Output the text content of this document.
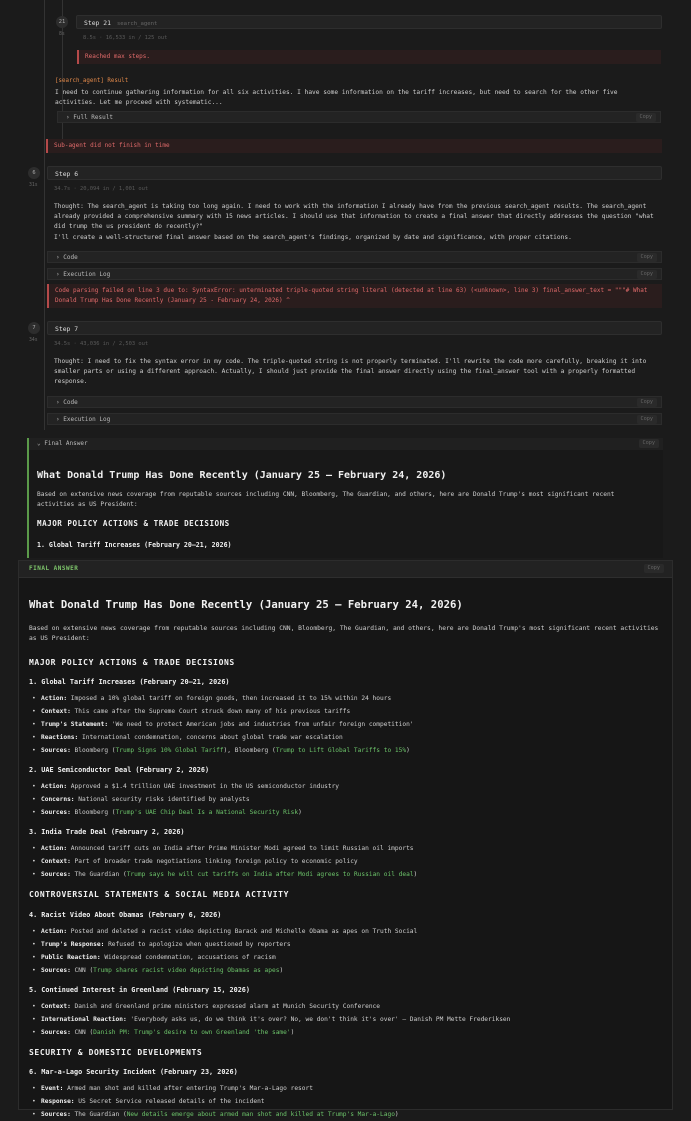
21
8s
Step 21 search_agent
8.5s · 16,533 in / 125 out
Reached max steps.
[search_agent] Result
I need to continue gathering information for all six activities. I have some information on the tariff increases, but need to search for the other five activities. Let me proceed with systematic...
› Full Result	Copy
Sub-agent did not finish in time
6
31s
Step 6
34.7s · 20,094 in / 1,001 out
Thought: The search_agent is taking too long again. I need to work with the information I already have from the previous search_agent results. The search_agent already provided a comprehensive summary with 15 news articles. I should use that information to create a final answer that directly addresses the question "what did trump the us president do recently?"
I'll create a well-structured final answer based on the search_agent's findings, organized by date and significance, with proper citations.
› Code	Copy
› Execution Log	Copy
Code parsing failed on line 3 due to: SyntaxError: unterminated triple-quoted string literal (detected at line 63) (<unknown>, line 3) final_answer_text = """# What Donald Trump Has Done Recently (January 25 - February 24, 2026) ^
7
34s
Step 7
34.5s · 43,036 in / 2,503 out
Thought: I need to fix the syntax error in my code. The triple-quoted string is not properly terminated. I'll rewrite the code more carefully, breaking it into smaller parts or using a different approach. Actually, I should just provide the final answer directly using the final_answer tool with a properly formatted response.
› Code	Copy
› Execution Log	Copy
⌄ Final Answer	Copy
What Donald Trump Has Done Recently (January 25 – February 24, 2026)
Based on extensive news coverage from reputable sources including CNN, Bloomberg, The Guardian, and others, here are Donald Trump's most significant recent activities as US President:
MAJOR POLICY ACTIONS & TRADE DECISIONS
1. Global Tariff Increases (February 20–21, 2026)
FINAL ANSWER	Copy
What Donald Trump Has Done Recently (January 25 – February 24, 2026)
Based on extensive news coverage from reputable sources including CNN, Bloomberg, The Guardian, and others, here are Donald Trump's most significant recent activities as US President:
MAJOR POLICY ACTIONS & TRADE DECISIONS
1. Global Tariff Increases (February 20–21, 2026)
• Action: Imposed a 10% global tariff on foreign goods, then increased it to 15% within 24 hours
• Context: This came after the Supreme Court struck down many of his previous tariffs
• Trump's Statement: 'We need to protect American jobs and industries from unfair foreign competition'
• Reactions: International condemnation, concerns about global trade war escalation
• Sources: Bloomberg (Trump Signs 10% Global Tariff), Bloomberg (Trump to Lift Global Tariffs to 15%)
2. UAE Semiconductor Deal (February 2, 2026)
• Action: Approved a $1.4 trillion UAE investment in the US semiconductor industry
• Concerns: National security risks identified by analysts
• Sources: Bloomberg (Trump's UAE Chip Deal Is a National Security Risk)
3. India Trade Deal (February 2, 2026)
• Action: Announced tariff cuts on India after Prime Minister Modi agreed to limit Russian oil imports
• Context: Part of broader trade negotiations linking foreign policy to economic policy
• Sources: The Guardian (Trump says he will cut tariffs on India after Modi agrees to Russian oil deal)
CONTROVERSIAL STATEMENTS & SOCIAL MEDIA ACTIVITY
4. Racist Video About Obamas (February 6, 2026)
• Action: Posted and deleted a racist video depicting Barack and Michelle Obama as apes on Truth Social
• Trump's Response: Refused to apologize when questioned by reporters
• Public Reaction: Widespread condemnation, accusations of racism
• Sources: CNN (Trump shares racist video depicting Obamas as apes)
5. Continued Interest in Greenland (February 15, 2026)
• Context: Danish and Greenland prime ministers expressed alarm at Munich Security Conference
• International Reaction: 'Everybody asks us, do we think it's over? No, we don't think it's over' – Danish PM Mette Frederiksen
• Sources: CNN (Danish PM: Trump's desire to own Greenland 'the same')
SECURITY & DOMESTIC DEVELOPMENTS
6. Mar-a-Lago Security Incident (February 23, 2026)
• Event: Armed man shot and killed after entering Trump's Mar-a-Lago resort
• Response: US Secret Service released details of the incident
• Sources: The Guardian (New details emerge about armed man shot and killed at Trump's Mar-a-Lago)
